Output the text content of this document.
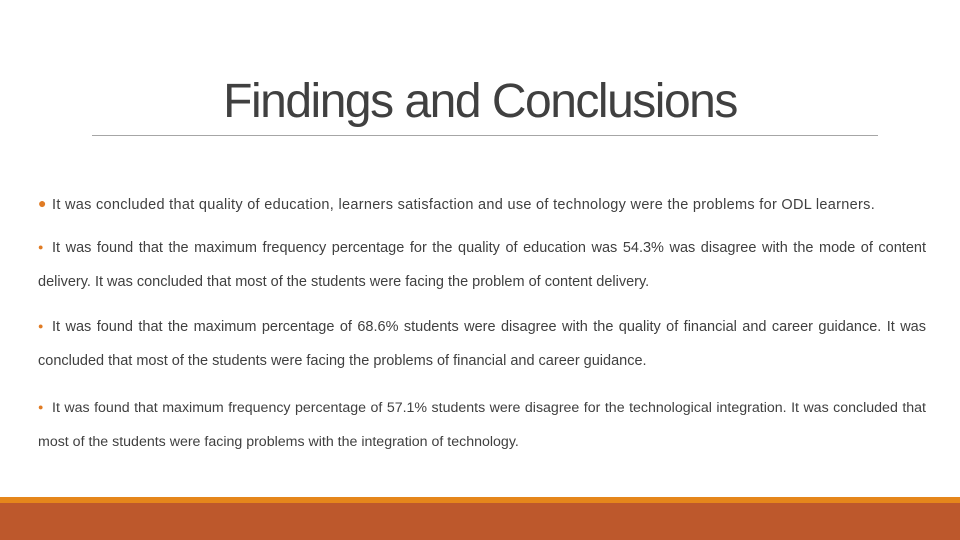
Findings and Conclusions
● It was concluded that quality of education, learners satisfaction and use of technology were the problems for ODL learners.
● It was found that the maximum frequency percentage for the quality of education was 54.3% was disagree with the mode of content delivery. It was concluded that most of the students were facing the problem of content delivery.
● It was found that the maximum percentage of 68.6% students were disagree with the quality of financial and career guidance. It was concluded that most of the students were facing the problems of financial and career guidance.
● It was found that maximum frequency percentage of 57.1% students were disagree for the technological integration. It was concluded that most of the students were facing problems with the integration of technology.
